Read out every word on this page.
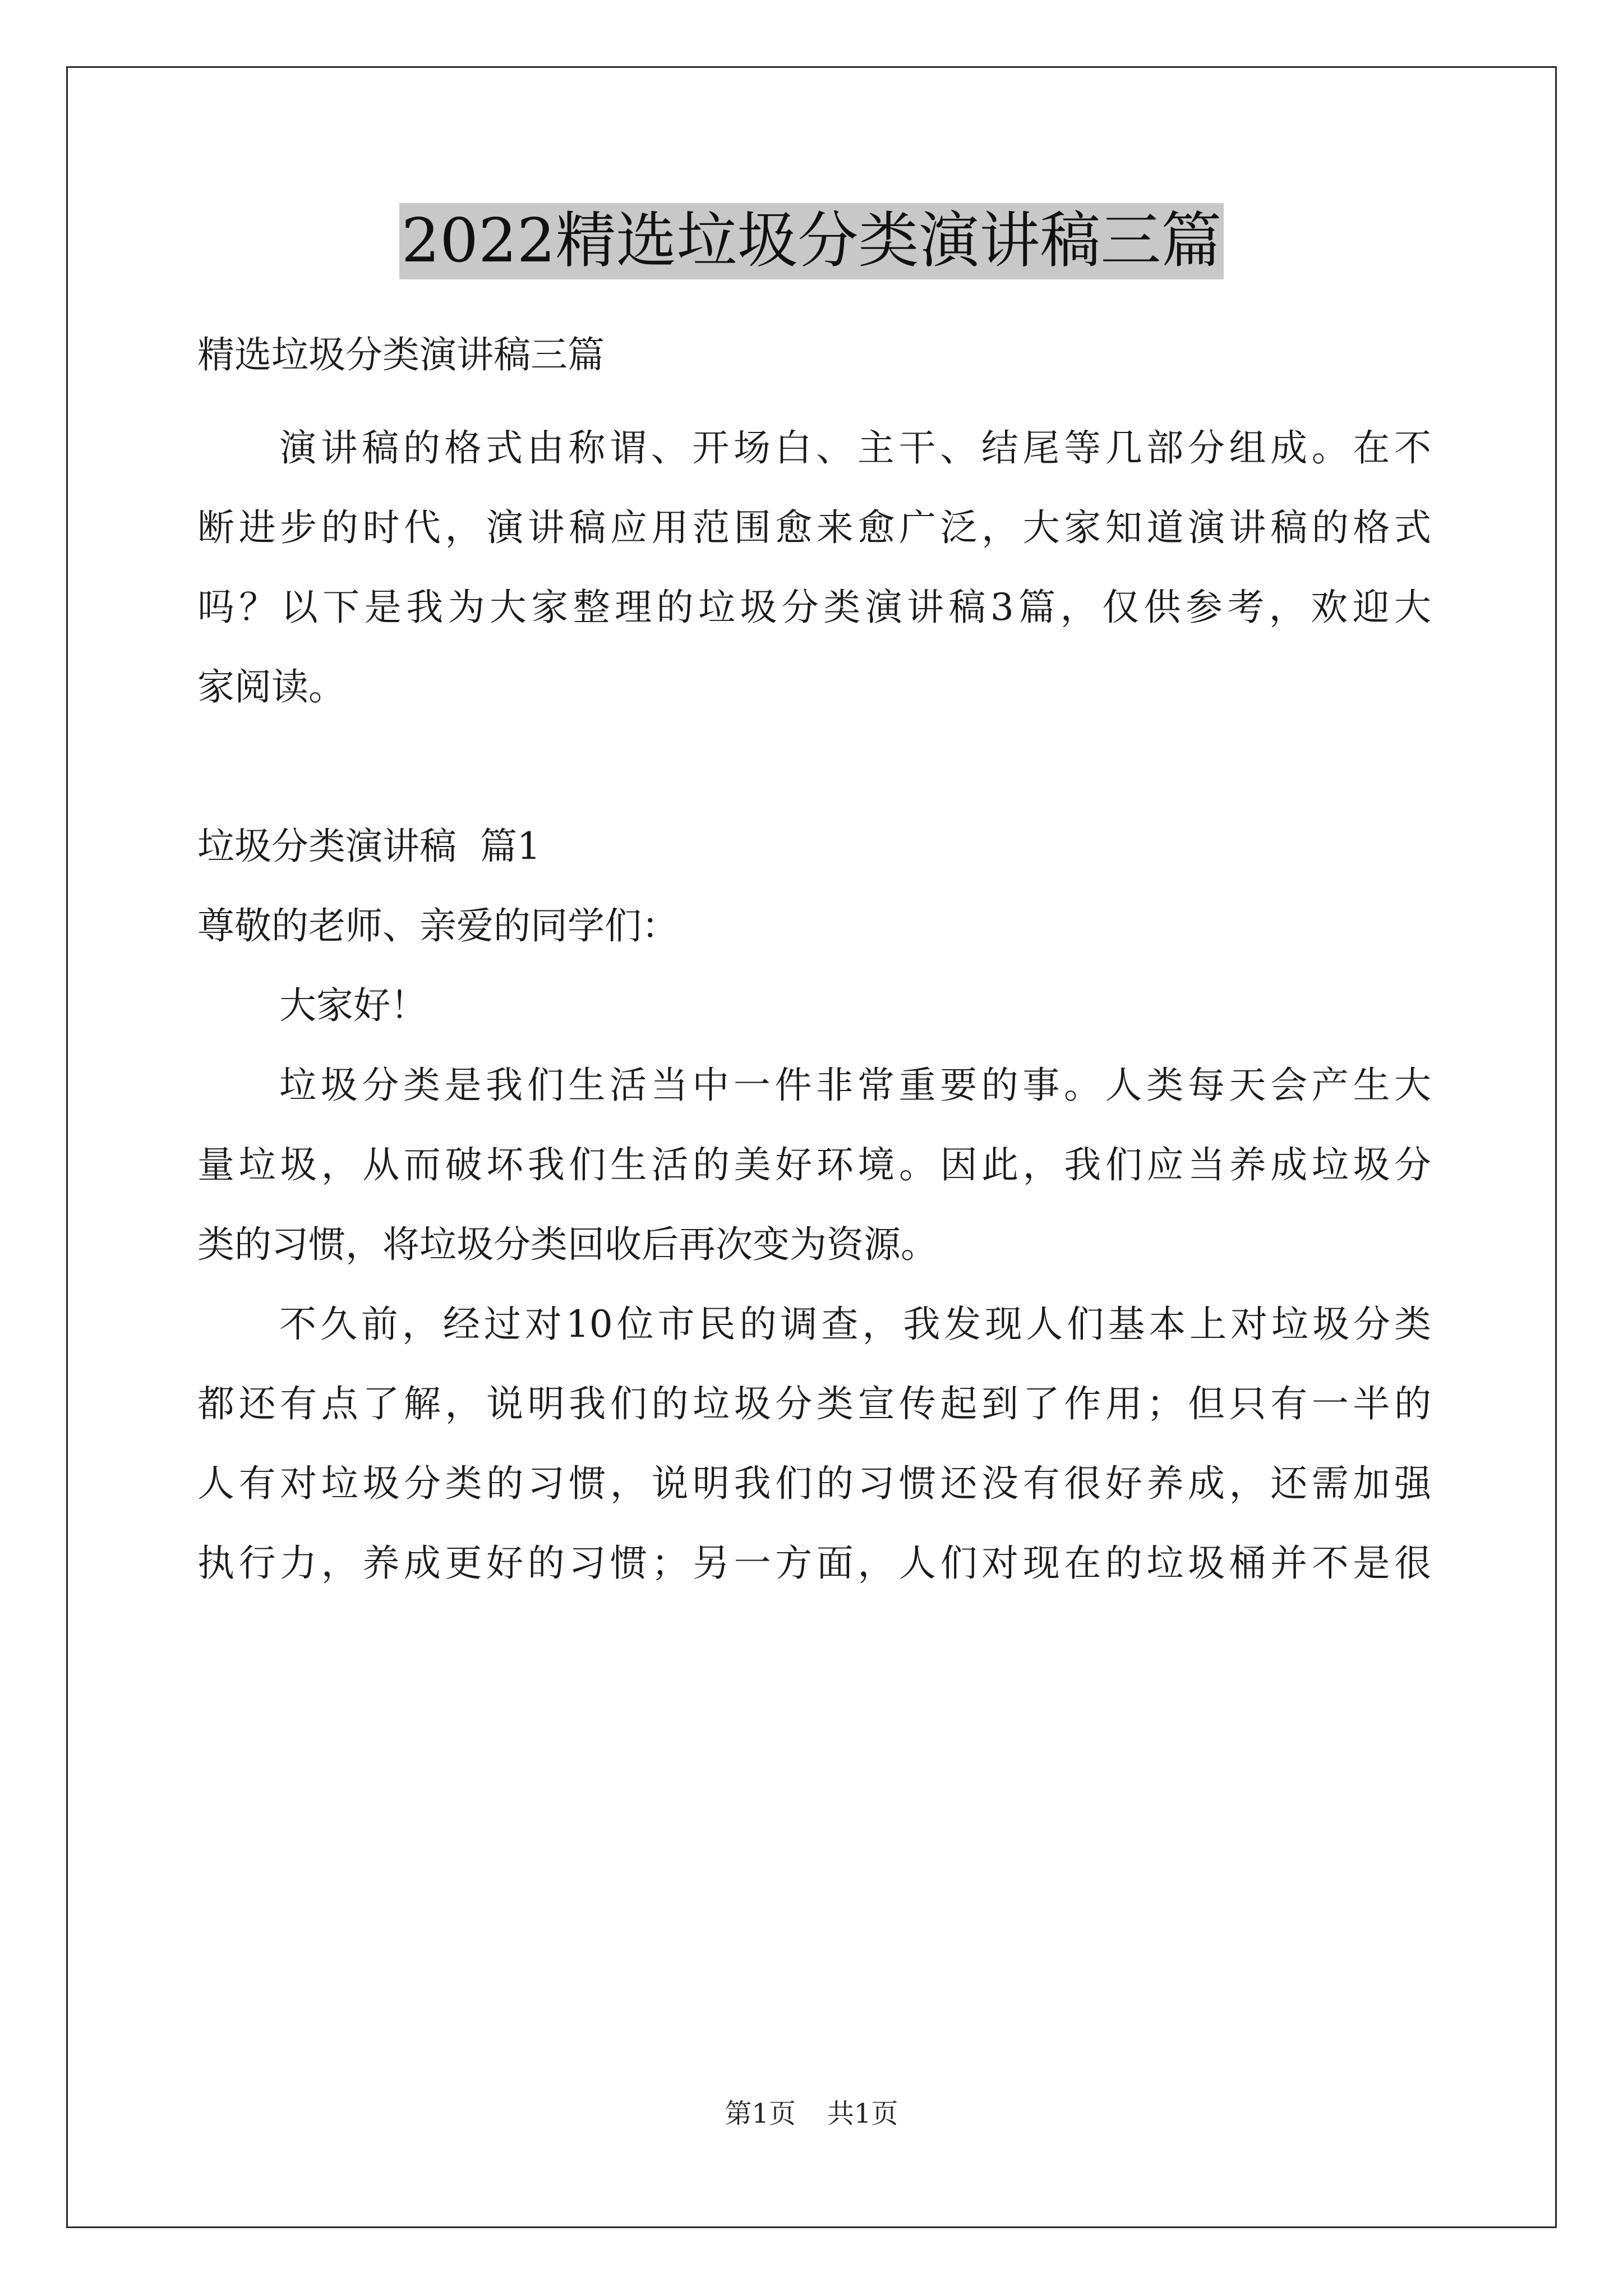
2022精选垃圾分类演讲稿三篇

精选垃圾分类演讲稿三篇

演讲稿的格式由称谓、开场白、主干、结尾等几部分组成。在不

断进步的时代，演讲稿应用范围愈来愈广泛，大家知道演讲稿的格式

吗？以下是我为大家整理的垃圾分类演讲稿3篇，仅供参考，欢迎大

家阅读。

垃圾分类演讲稿  篇1

尊敬的老师、亲爱的同学们：

大家好！

垃圾分类是我们生活当中一件非常重要的事。人类每天会产生大

量垃圾，从而破坏我们生活的美好环境。因此，我们应当养成垃圾分

类的习惯，将垃圾分类回收后再次变为资源。

不久前，经过对10位市民的调查，我发现人们基本上对垃圾分类

都还有点了解，说明我们的垃圾分类宣传起到了作用；但只有一半的

人有对垃圾分类的习惯，说明我们的习惯还没有很好养成，还需加强

执行力，养成更好的习惯；另一方面，人们对现在的垃圾桶并不是很

第1页 共1页
